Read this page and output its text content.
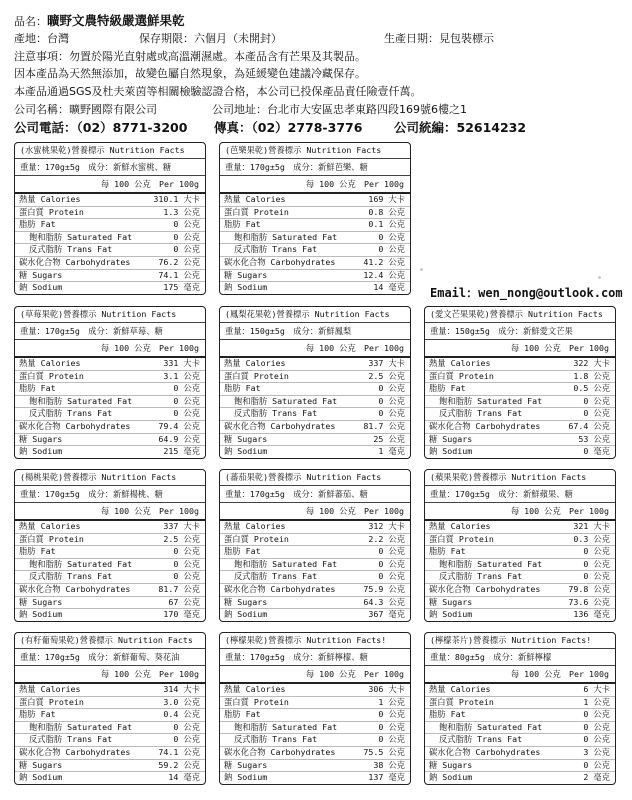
品名：曠野文農特級嚴選鮮果乾
產地：台灣	保存期限：六個月（未開封）	生產日期：見包裝標示
注意事項：勿置於陽光直射處或高溫潮濕處。本產品含有芒果及其製品。
因本產品為天然無添加，故變色屬自然現象，為延緩變色建議冷藏保存。
本產品通過SGS及杜夫萊茵等相關檢驗認證合格，本公司已投保產品責任險壹仟萬。
公司名稱：曠野國際有限公司	公司地址：台北市大安區忠孝東路四段169號6樓之1
公司電話：（02）8771-3200 傳真：（02）2778-3776	公司統編：52614232
Email：wen_nong@outlook.com
(水蜜桃果乾)營養標示 Nutrition Facts
重量：170g±5g　成分：新鮮水蜜桃、糖
每 100 公克　Per 100g
熱量 Calories	310.1 大卡
蛋白質 Protein	1.3 公克
脂肪 Fat	0 公克
飽和脂肪 Saturated Fat	0 公克
反式脂肪 Trans Fat	0 公克
碳水化合物 Carbohydrates	76.2 公克
糖 Sugars	74.1 公克
鈉 Sodium	175 毫克
(芭樂果乾)營養標示 Nutrition Facts
重量：170g±5g　成分：新鮮芭樂、糖
每 100 公克　Per 100g
熱量 Calories	169 大卡
蛋白質 Protein	0.8 公克
脂肪 Fat	0.1 公克
飽和脂肪 Saturated Fat	0 公克
反式脂肪 Trans Fat	0 公克
碳水化合物 Carbohydrates	41.2 公克
糖 Sugars	12.4 公克
鈉 Sodium	14 毫克
(草莓果乾)營養標示 Nutrition Facts
重量：170g±5g　成分：新鮮草莓、糖
每 100 公克　Per 100g
熱量 Calories	331 大卡
蛋白質 Protein	3.1 公克
脂肪 Fat	0 公克
飽和脂肪 Saturated Fat	0 公克
反式脂肪 Trans Fat	0 公克
碳水化合物 Carbohydrates	79.4 公克
糖 Sugars	64.9 公克
鈉 Sodium	215 毫克
(鳳梨花果乾)營養標示 Nutrition Facts
重量：150g±5g　成分：新鮮鳳梨
每 100 公克　Per 100g
熱量 Calories	337 大卡
蛋白質 Protein	2.5 公克
脂肪 Fat	0 公克
飽和脂肪 Saturated Fat	0 公克
反式脂肪 Trans Fat	0 公克
碳水化合物 Carbohydrates	81.7 公克
糖 Sugars	25 公克
鈉 Sodium	1 毫克
(愛文芒果果乾)營養標示 Nutrition Facts
重量：150g±5g　成分：新鮮愛文芒果
每 100 公克　Per 100g
熱量 Calories	322 大卡
蛋白質 Protein	1.8 公克
脂肪 Fat	0.5 公克
飽和脂肪 Saturated Fat	0 公克
反式脂肪 Trans Fat	0 公克
碳水化合物 Carbohydrates	67.4 公克
糖 Sugars	53 公克
鈉 Sodium	0 毫克
(楊桃果乾)營養標示 Nutrition Facts
重量：170g±5g　成分：新鮮楊桃、糖
每 100 公克　Per 100g
熱量 Calories	337 大卡
蛋白質 Protein	2.5 公克
脂肪 Fat	0 公克
飽和脂肪 Saturated Fat	0 公克
反式脂肪 Trans Fat	0 公克
碳水化合物 Carbohydrates	81.7 公克
糖 Sugars	67 公克
鈉 Sodium	170 毫克
(蕃茄果乾)營養標示 Nutrition Facts
重量：170g±5g　成分：新鮮蕃茄、糖
每 100 公克　Per 100g
熱量 Calories	312 大卡
蛋白質 Protein	2.2 公克
脂肪 Fat	0 公克
飽和脂肪 Saturated Fat	0 公克
反式脂肪 Trans Fat	0 公克
碳水化合物 Carbohydrates	75.9 公克
糖 Sugars	64.3 公克
鈉 Sodium	367 毫克
(蘋果果乾)營養標示 Nutrition Facts
重量：170g±5g　成分：新鮮蘋果、糖
每 100 公克　Per 100g
熱量 Calories	321 大卡
蛋白質 Protein	0.3 公克
脂肪 Fat	0 公克
飽和脂肪 Saturated Fat	0 公克
反式脂肪 Trans Fat	0 公克
碳水化合物 Carbohydrates	79.8 公克
糖 Sugars	73.6 公克
鈉 Sodium	136 毫克
(有籽葡萄果乾)營養標示 Nutrition Facts
重量：170g±5g　成分：新鮮葡萄、葵花油
每 100 公克　Per 100g
熱量 Calories	314 大卡
蛋白質 Protein	3.0 公克
脂肪 Fat	0.4 公克
飽和脂肪 Saturated Fat	0 公克
反式脂肪 Trans Fat	0 公克
碳水化合物 Carbohydrates	74.1 公克
糖 Sugars	59.2 公克
鈉 Sodium	14 毫克
(檸檬果乾)營養標示 Nutrition Facts!
重量：170g±5g　成分：新鮮檸檬、糖
每 100 公克　Per 100g
熱量 Calories	306 大卡
蛋白質 Protein	1 公克
脂肪 Fat	0 公克
飽和脂肪 Saturated Fat	0 公克
反式脂肪 Trans Fat	0 公克
碳水化合物 Carbohydrates	75.5 公克
糖 Sugars	38 公克
鈉 Sodium	137 毫克
(檸檬茶片)營養標示 Nutrition Facts!
重量：80g±5g　成分：新鮮檸檬
每 100 公克　Per 100g
熱量 Calories	6 大卡
蛋白質 Protein	1 公克
脂肪 Fat	0 公克
飽和脂肪 Saturated Fat	0 公克
反式脂肪 Trans Fat	0 公克
碳水化合物 Carbohydrates	3 公克
糖 Sugars	0 公克
鈉 Sodium	2 毫克
